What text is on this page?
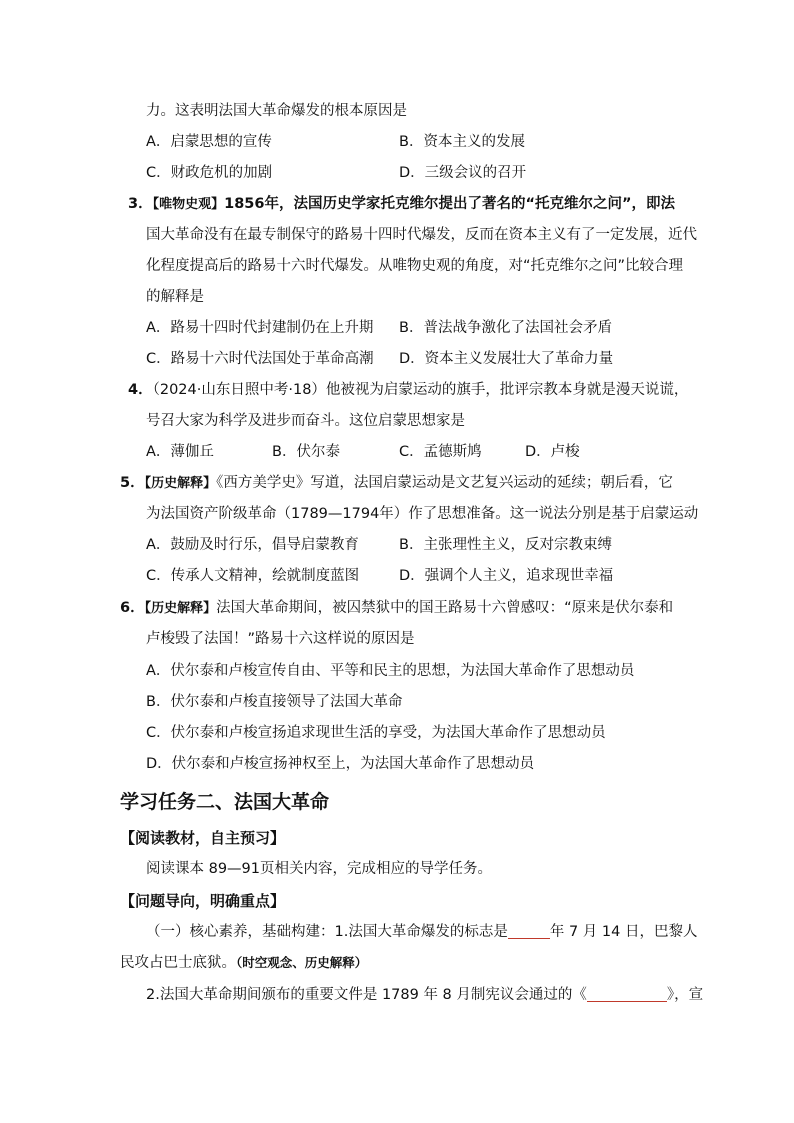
力。这表明法国大革命爆发的根本原因是
A．启蒙思想的宣传	B．资本主义的发展
C．财政危机的加剧	D．三级会议的召开
3．【唯物史观】1856年，法国历史学家托克维尔提出了著名的“托克维尔之问”，即法
国大革命没有在最专制保守的路易十四时代爆发，反而在资本主义有了一定发展，近代
化程度提高后的路易十六时代爆发。从唯物史观的角度，对“托克维尔之问”比较合理
的解释是
A．路易十四时代封建制仍在上升期 B．普法战争激化了法国社会矛盾
C．路易十六时代法国处于革命高潮 D．资本主义发展壮大了革命力量
4．（2024·山东日照中考·18）他被视为启蒙运动的旗手，批评宗教本身就是漫天说谎，
号召大家为科学及进步而奋斗。这位启蒙思想家是
A．薄伽丘	B．伏尔泰	C．孟德斯鸠	D．卢梭
5．【历史解释】《西方美学史》写道，法国启蒙运动是文艺复兴运动的延续；朝后看，它
为法国资产阶级革命（1789—1794年）作了思想准备。这一说法分别是基于启蒙运动
A．鼓励及时行乐，倡导启蒙教育	B．主张理性主义，反对宗教束缚
C．传承人文精神，绘就制度蓝图	D．强调个人主义，追求现世幸福
6．【历史解释】法国大革命期间，被囚禁狱中的国王路易十六曾感叹：“原来是伏尔泰和
卢梭毁了法国！”路易十六这样说的原因是
A．伏尔泰和卢梭宣传自由、平等和民主的思想，为法国大革命作了思想动员
B．伏尔泰和卢梭直接领导了法国大革命
C．伏尔泰和卢梭宣扬追求现世生活的享受，为法国大革命作了思想动员
D．伏尔泰和卢梭宣扬神权至上，为法国大革命作了思想动员
学习任务二、法国大革命
【阅读教材，自主预习】
阅读课本 89—91页相关内容，完成相应的导学任务。
【问题导向，明确重点】
（一）核心素养，基础构建：1.法国大革命爆发的标志是	年 7 月 14 日，巴黎人
民攻占巴士底狱。（时空观念、历史解释）
2.法国大革命期间颁布的重要文件是 1789 年 8 月制宪议会通过的《	》，宣
